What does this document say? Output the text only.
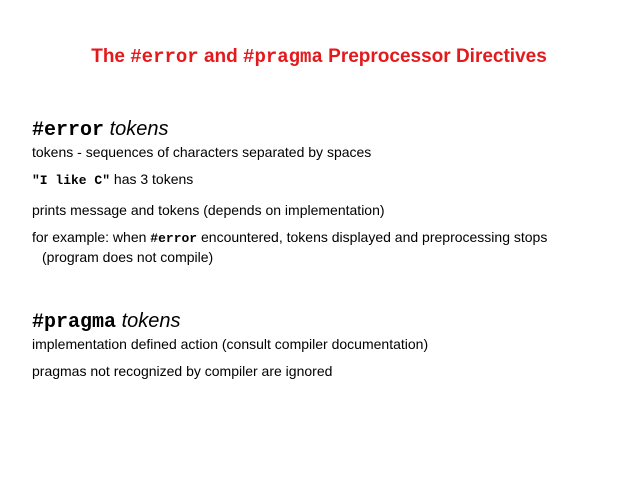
The #error and #pragma Preprocessor Directives
#error tokens
tokens - sequences of characters separated by spaces
"I like C" has 3 tokens
prints message and tokens (depends on implementation)
for example: when #error encountered, tokens displayed and preprocessing stops (program does not compile)
#pragma tokens
implementation defined action (consult compiler documentation)
pragmas not recognized by compiler are ignored
